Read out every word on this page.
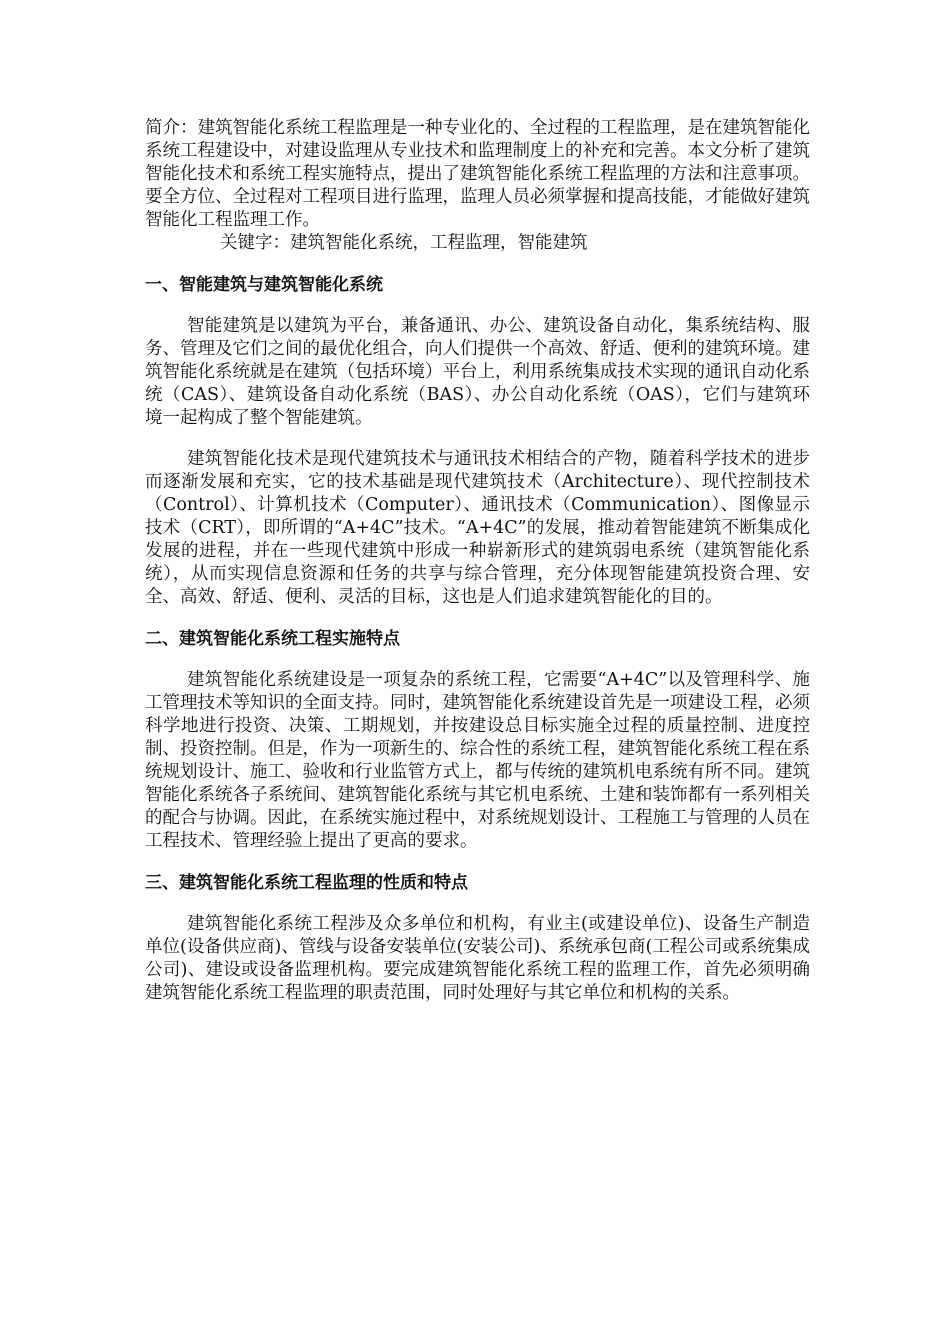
简介：建筑智能化系统工程监理是一种专业化的、全过程的工程监理，是在建筑智能化系统工程建设中，对建设监理从专业技术和监理制度上的补充和完善。本文分析了建筑智能化技术和系统工程实施特点，提出了建筑智能化系统工程监理的方法和注意事项。要全方位、全过程对工程项目进行监理，监理人员必须掌握和提高技能，才能做好建筑智能化工程监理工作。

关键字：建筑智能化系统，工程监理，智能建筑

一、智能建筑与建筑智能化系统

智能建筑是以建筑为平台，兼备通讯、办公、建筑设备自动化，集系统结构、服务、管理及它们之间的最优化组合，向人们提供一个高效、舒适、便利的建筑环境。建筑智能化系统就是在建筑（包括环境）平台上，利用系统集成技术实现的通讯自动化系统（CAS）、建筑设备自动化系统（BAS）、办公自动化系统（OAS），它们与建筑环境一起构成了整个智能建筑。

建筑智能化技术是现代建筑技术与通讯技术相结合的产物，随着科学技术的进步而逐渐发展和充实，它的技术基础是现代建筑技术（Architecture）、现代控制技术（Control）、计算机技术（Computer）、通讯技术（Communication）、图像显示技术（CRT），即所谓的“A+4C”技术。“A+4C”的发展，推动着智能建筑不断集成化发展的进程，并在一些现代建筑中形成一种崭新形式的建筑弱电系统（建筑智能化系统），从而实现信息资源和任务的共享与综合管理，充分体现智能建筑投资合理、安全、高效、舒适、便利、灵活的目标，这也是人们追求建筑智能化的目的。

二、建筑智能化系统工程实施特点

建筑智能化系统建设是一项复杂的系统工程，它需要“A+4C”以及管理科学、施工管理技术等知识的全面支持。同时，建筑智能化系统建设首先是一项建设工程，必须科学地进行投资、决策、工期规划，并按建设总目标实施全过程的质量控制、进度控制、投资控制。但是，作为一项新生的、综合性的系统工程，建筑智能化系统工程在系统规划设计、施工、验收和行业监管方式上，都与传统的建筑机电系统有所不同。建筑智能化系统各子系统间、建筑智能化系统与其它机电系统、土建和装饰都有一系列相关的配合与协调。因此，在系统实施过程中，对系统规划设计、工程施工与管理的人员在工程技术、管理经验上提出了更高的要求。

三、建筑智能化系统工程监理的性质和特点

建筑智能化系统工程涉及众多单位和机构，有业主(或建设单位)、设备生产制造单位(设备供应商)、管线与设备安装单位(安装公司)、系统承包商(工程公司或系统集成公司)、建设或设备监理机构。要完成建筑智能化系统工程的监理工作，首先必须明确建筑智能化系统工程监理的职责范围，同时处理好与其它单位和机构的关系。
